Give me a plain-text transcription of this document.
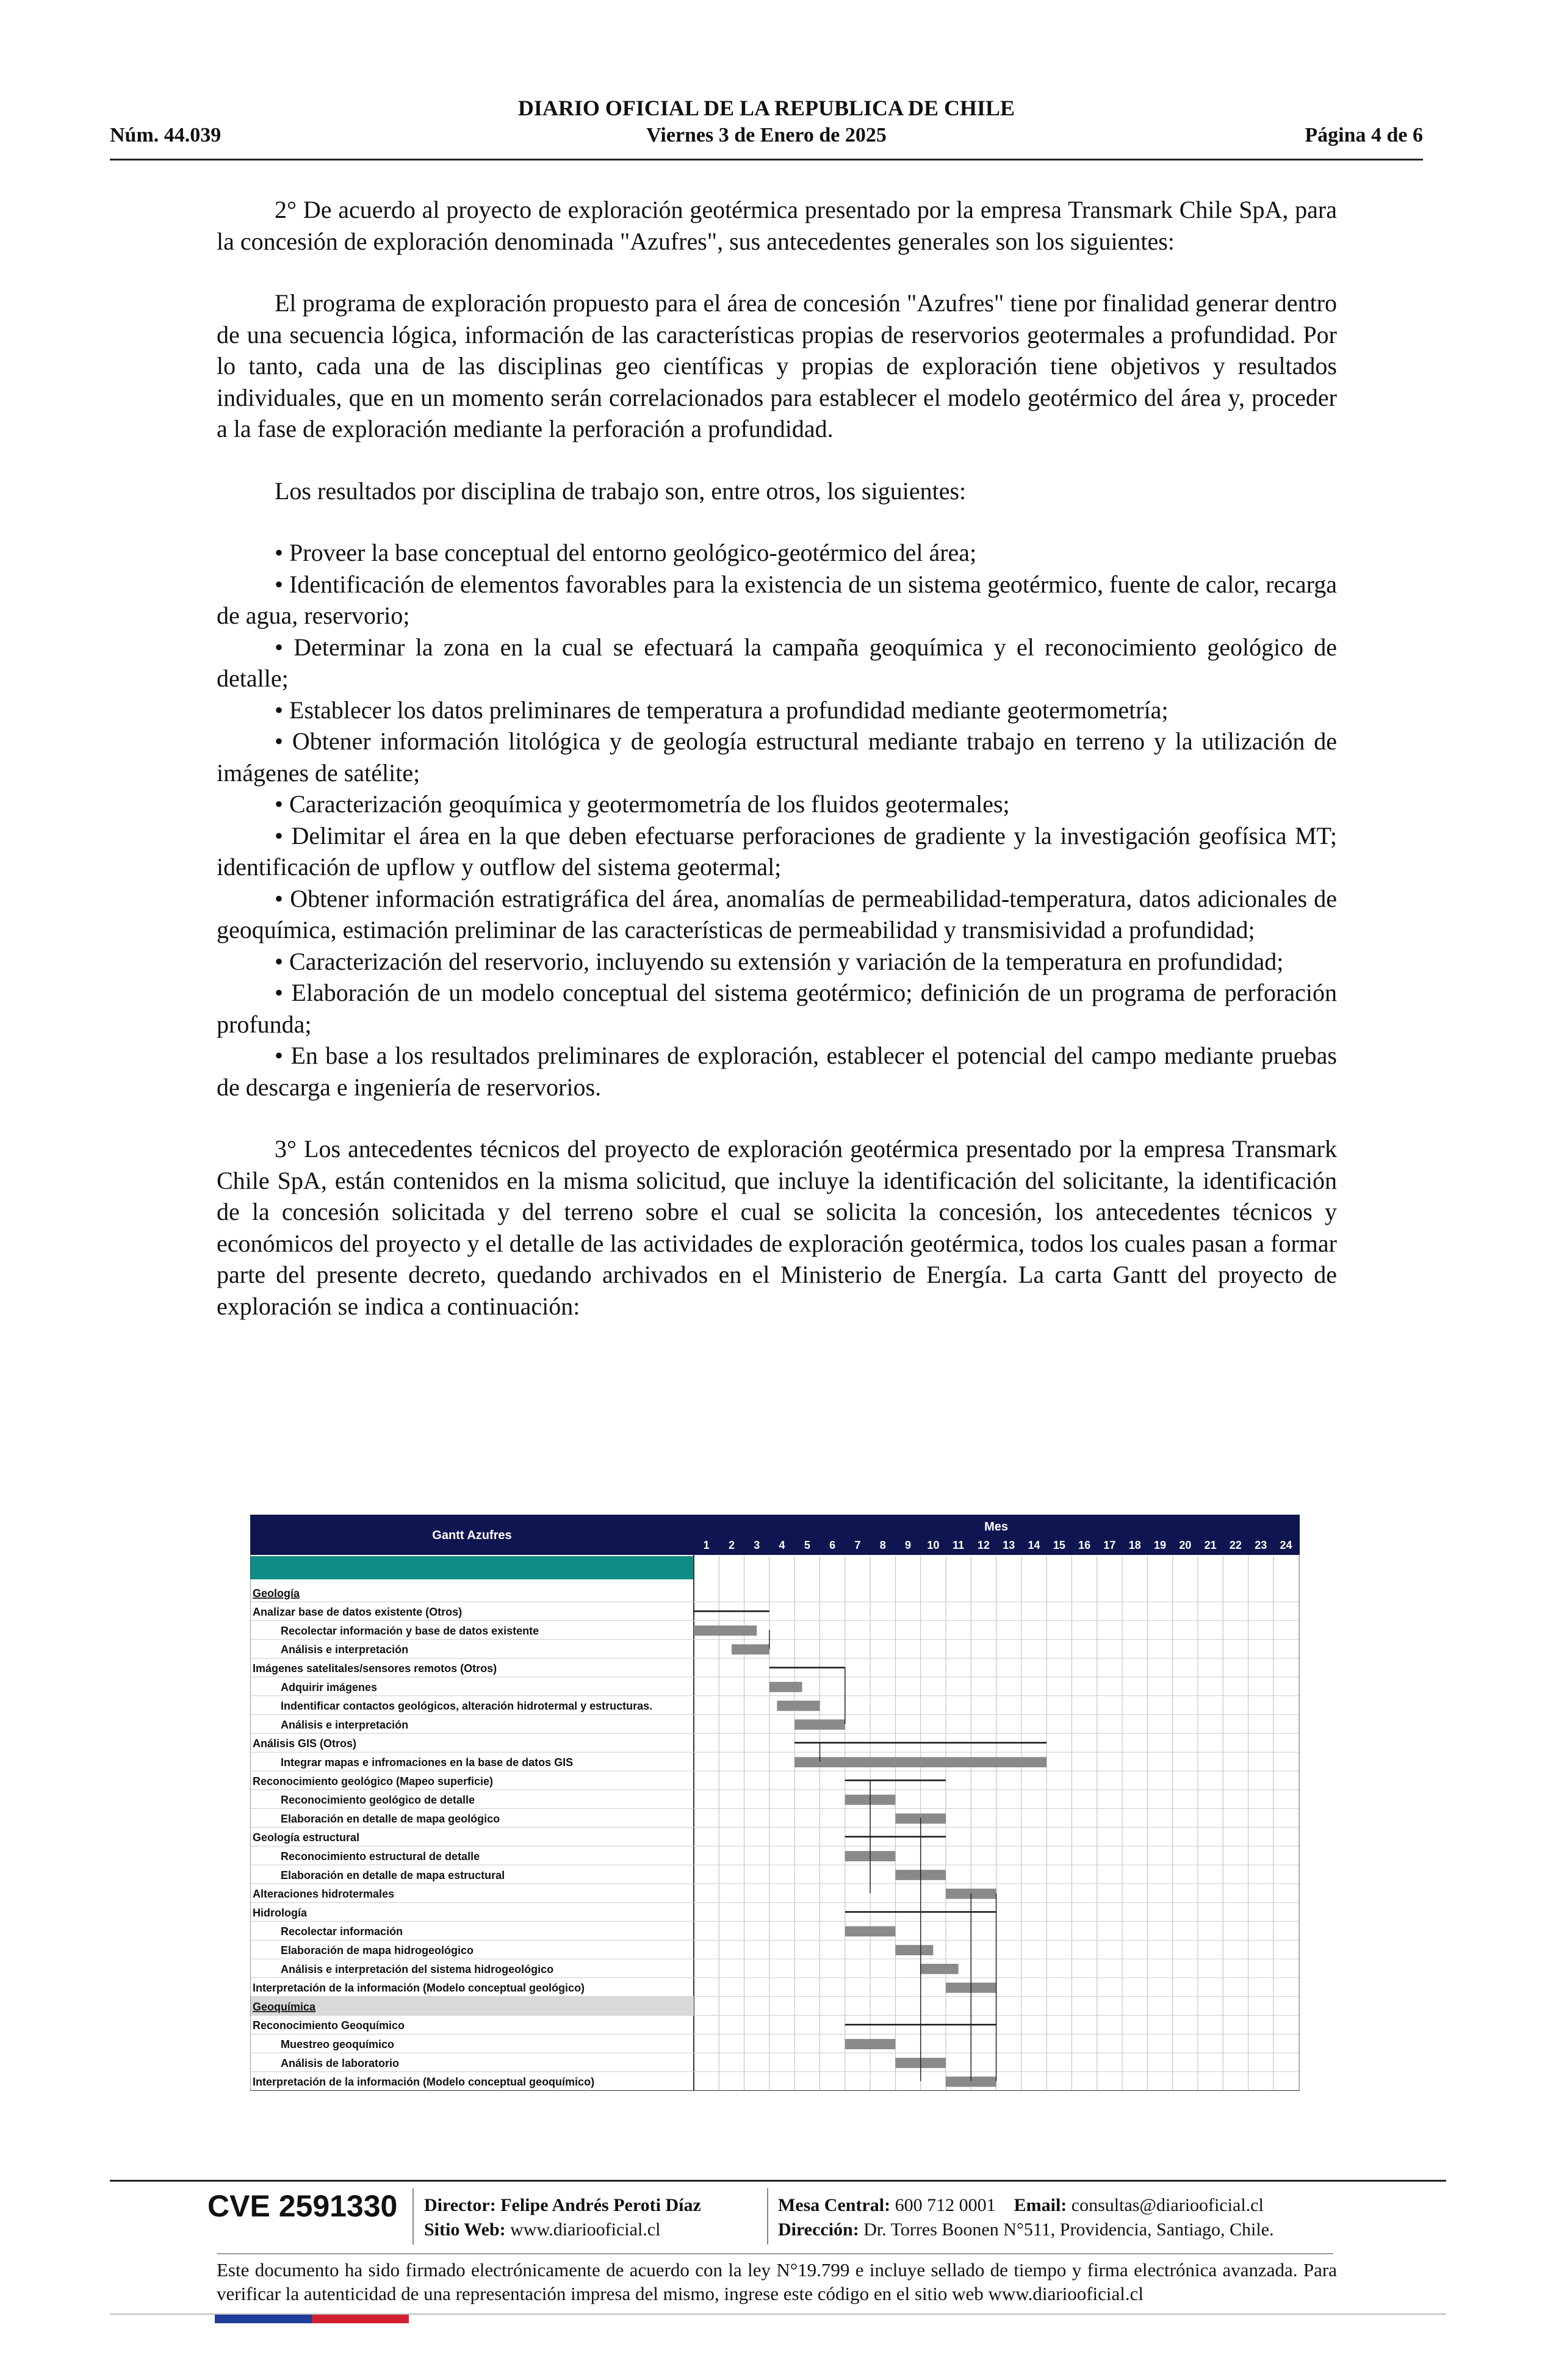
DIARIO OFICIAL DE LA REPUBLICA DE CHILE
Núm. 44.039	Viernes 3 de Enero de 2025	Página 4 de 6

2° De acuerdo al proyecto de exploración geotérmica presentado por la empresa Transmark Chile SpA, para la concesión de exploración denominada "Azufres", sus antecedentes generales son los siguientes:

El programa de exploración propuesto para el área de concesión "Azufres" tiene por finalidad generar dentro de una secuencia lógica, información de las características propias de reservorios geotermales a profundidad. Por lo tanto, cada una de las disciplinas geo científicas y propias de exploración tiene objetivos y resultados individuales, que en un momento serán correlacionados para establecer el modelo geotérmico del área y, proceder a la fase de exploración mediante la perforación a profundidad.

Los resultados por disciplina de trabajo son, entre otros, los siguientes:

• Proveer la base conceptual del entorno geológico-geotérmico del área;

• Identificación de elementos favorables para la existencia de un sistema geotérmico, fuente de calor, recarga de agua, reservorio;

• Determinar la zona en la cual se efectuará la campaña geoquímica y el reconocimiento geológico de detalle;

• Establecer los datos preliminares de temperatura a profundidad mediante geotermometría;

• Obtener información litológica y de geología estructural mediante trabajo en terreno y la utilización de imágenes de satélite;

• Caracterización geoquímica y geotermometría de los fluidos geotermales;

• Delimitar el área en la que deben efectuarse perforaciones de gradiente y la investigación geofísica MT; identificación de upflow y outflow del sistema geotermal;

• Obtener información estratigráfica del área, anomalías de permeabilidad-temperatura, datos adicionales de geoquímica, estimación preliminar de las características de permeabilidad y transmisividad a profundidad;

• Caracterización del reservorio, incluyendo su extensión y variación de la temperatura en profundidad;

• Elaboración de un modelo conceptual del sistema geotérmico; definición de un programa de perforación profunda;

• En base a los resultados preliminares de exploración, establecer el potencial del campo mediante pruebas de descarga e ingeniería de reservorios.

3° Los antecedentes técnicos del proyecto de exploración geotérmica presentado por la empresa Transmark Chile SpA, están contenidos en la misma solicitud, que incluye la identificación del solicitante, la identificación de la concesión solicitada y del terreno sobre el cual se solicita la concesión, los antecedentes técnicos y económicos del proyecto y el detalle de las actividades de exploración geotérmica, todos los cuales pasan a formar parte del presente decreto, quedando archivados en el Ministerio de Energía. La carta Gantt del proyecto de exploración se indica a continuación:

Gantt Azufres
Mes
1 2 3 4 5 6 7 8 9 10 11 12 13 14 15 16 17 18 19 20 21 22 23 24
Geología
Analizar base de datos existente (Otros)
Recolectar información y base de datos existente
Análisis e interpretación
Imágenes satelitales/sensores remotos (Otros)
Adquirir imágenes
Indentificar contactos geológicos, alteración hidrotermal y estructuras.
Análisis e interpretación
Análisis GIS (Otros)
Integrar mapas e infromaciones en la base de datos GIS
Reconocimiento geológico (Mapeo superficie)
Reconocimiento geológico de detalle
Elaboración en detalle de mapa geológico
Geología estructural
Reconocimiento estructural de detalle
Elaboración en detalle de mapa estructural
Alteraciones hidrotermales
Hidrología
Recolectar información
Elaboración de mapa hidrogeológico
Análisis e interpretación del sistema hidrogeológico
Interpretación de la información (Modelo conceptual geológico)
Geoquímica
Reconocimiento Geoquímico
Muestreo geoquímico
Análisis de laboratorio
Interpretación de la información (Modelo conceptual geoquímico)
CVE 2591330 Director: Felipe Andrés Peroti Díaz
Sitio Web: www.diariooficial.cl
Mesa Central: 600 712 0001 Email: consultas@diariooficial.cl
Dirección: Dr. Torres Boonen N°511, Providencia, Santiago, Chile.
Este documento ha sido firmado electrónicamente de acuerdo con la ley N°19.799 e incluye sellado de tiempo y firma electrónica avanzada. Para verificar la autenticidad de una representación impresa del mismo, ingrese este código en el sitio web www.diariooficial.cl
